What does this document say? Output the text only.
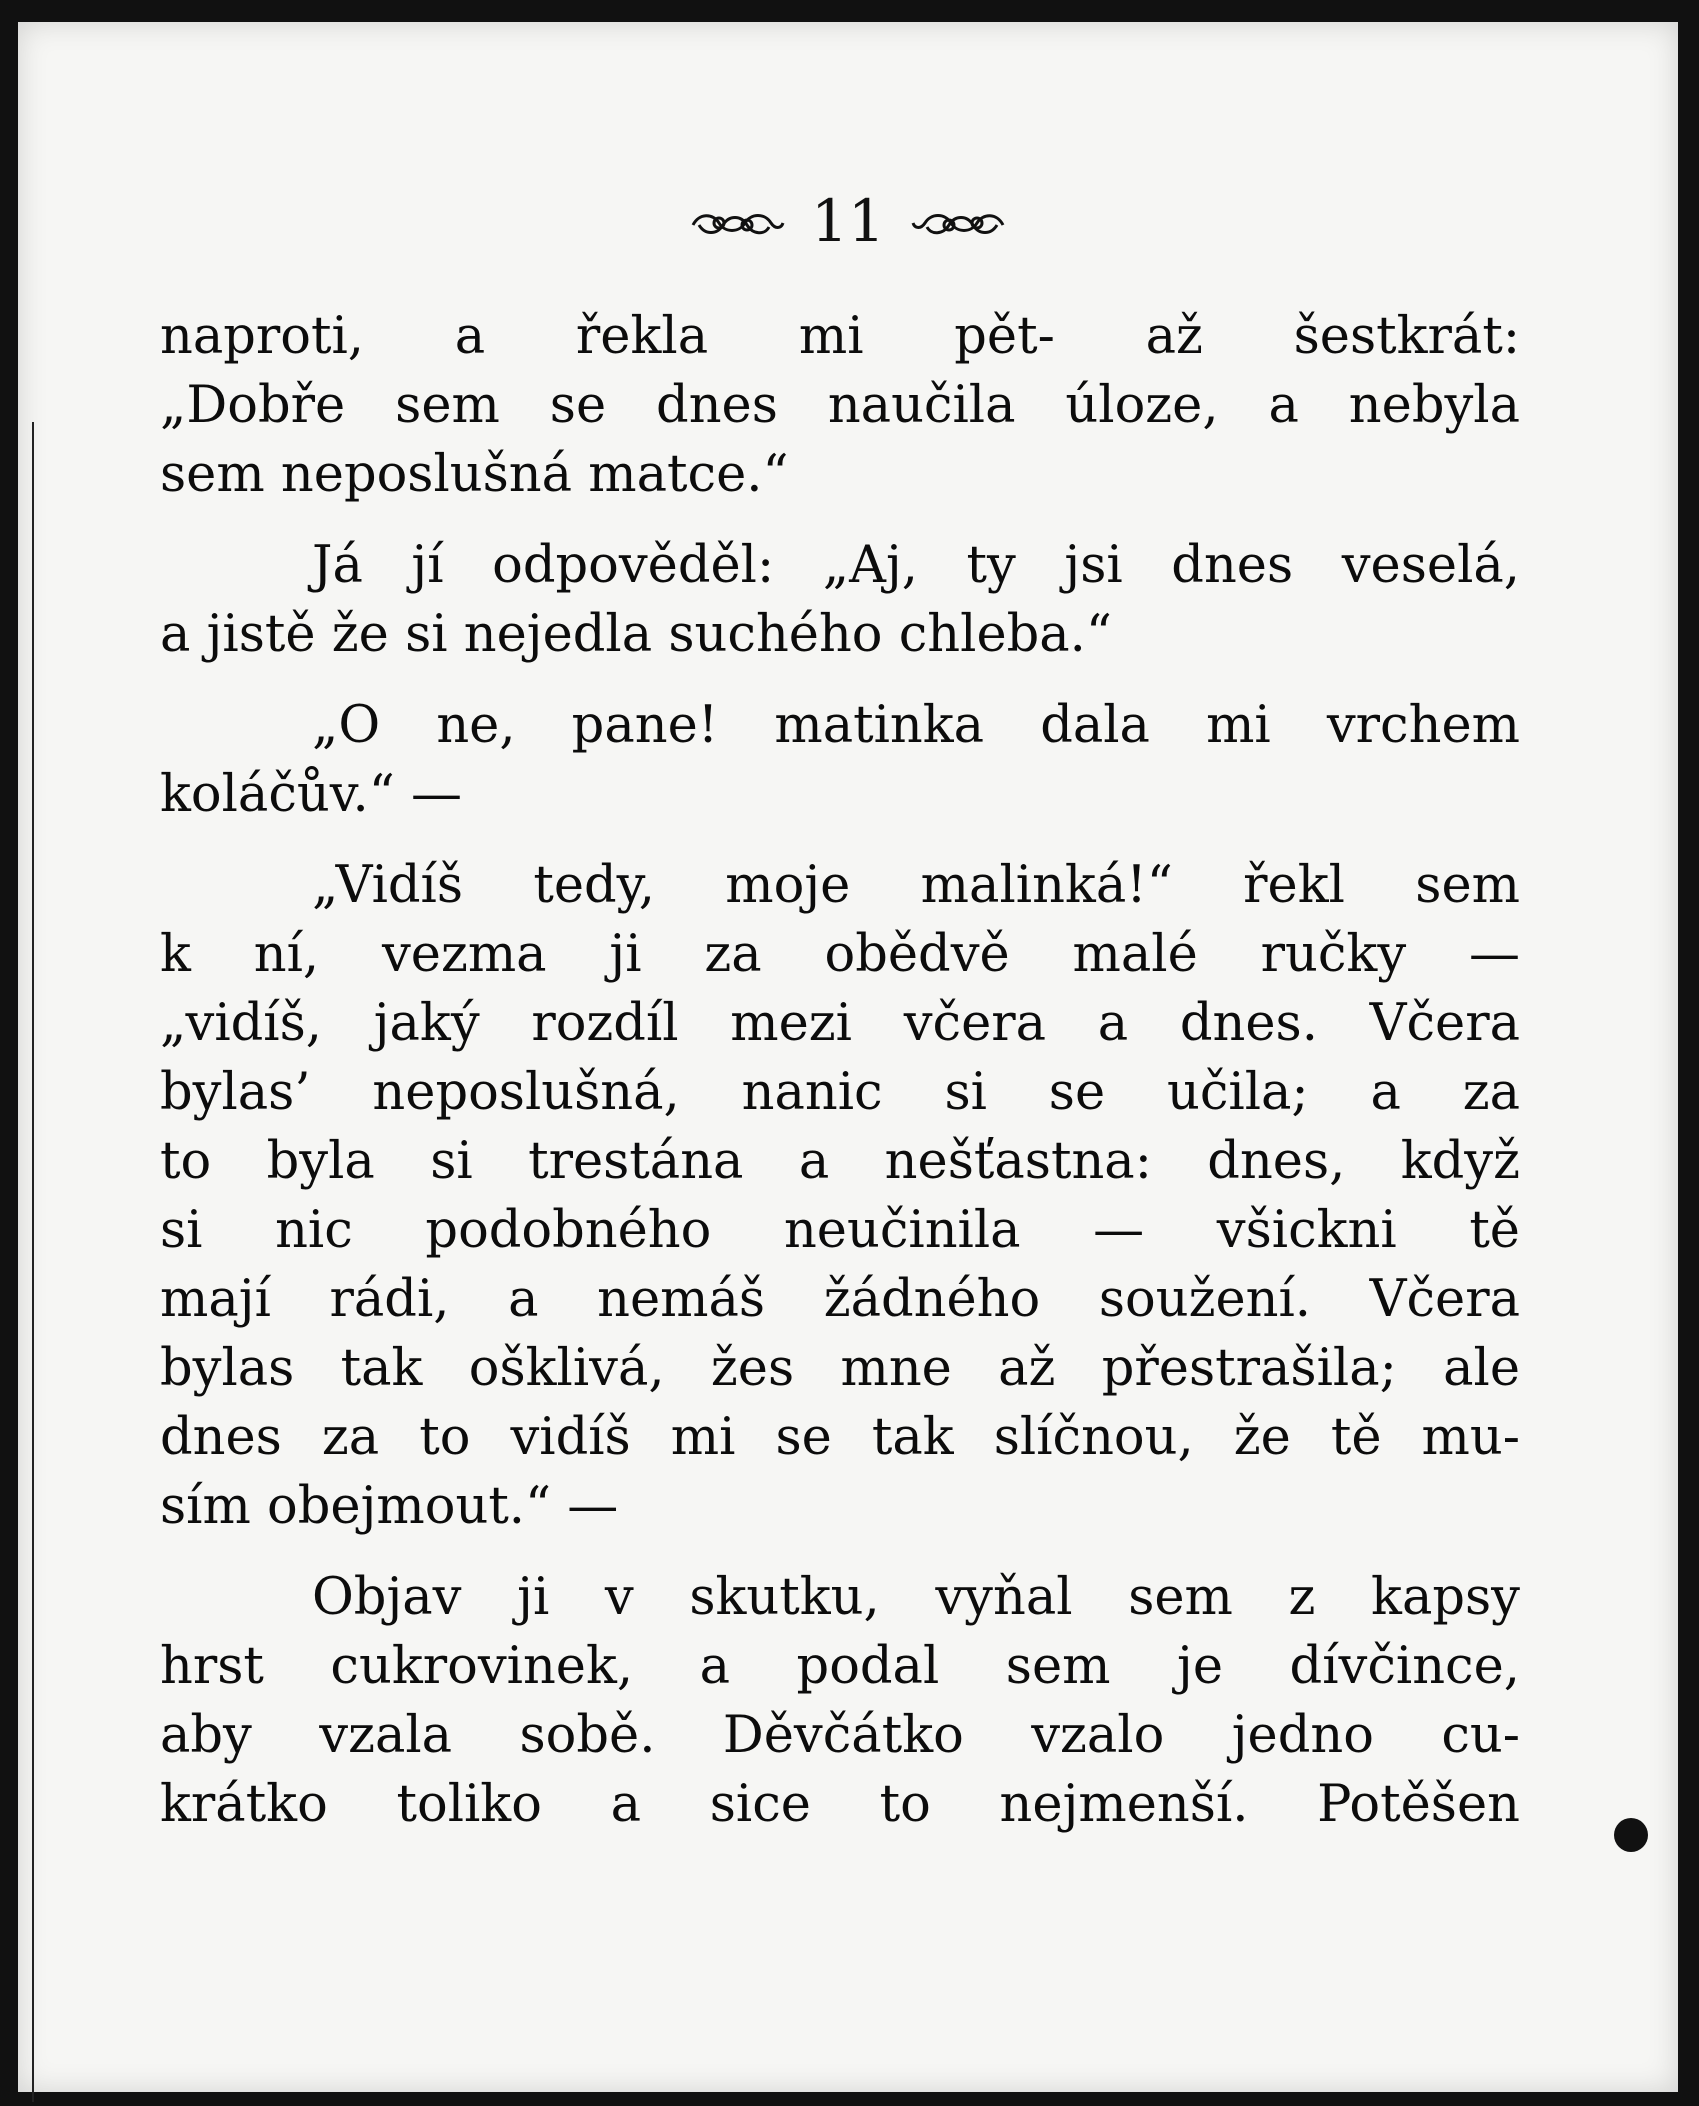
11
naproti, a řekla mi pět- až šestkrát:
„Dobře sem se dnes naučila úloze, a nebyla
sem neposlušná matce.“
Já jí odpověděl: „Aj, ty jsi dnes veselá,
a jistě že si nejedla suchého chleba.“
„O ne, pane! matinka dala mi vrchem
koláčův.“ —
„Vidíš tedy, moje malinká!“ řekl sem
k ní, vezma ji za obědvě malé ručky —
„vidíš, jaký rozdíl mezi včera a dnes. Včera
bylas’ neposlušná, nanic si se učila; a za
to byla si trestána a nešťastna: dnes, když
si nic podobného neučinila — všickni tě
mají rádi, a nemáš žádného soužení. Včera
bylas tak ošklivá, žes mne až přestrašila; ale
dnes za to vidíš mi se tak slíčnou, že tě mu-
sím obejmout.“ —
Objav ji v skutku, vyňal sem z kapsy
hrst cukrovinek, a podal sem je dívčince,
aby vzala sobě. Děvčátko vzalo jedno cu-
krátko toliko a sice to nejmenší. Potěšen
